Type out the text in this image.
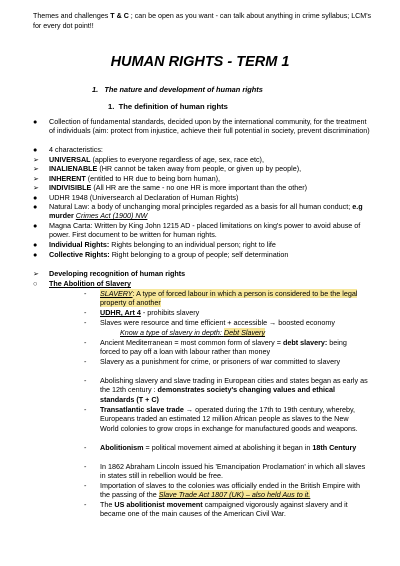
Themes and challenges T & C ; can be open as you want - can talk about anything in crime syllabus; LCM's for every dot point!!
HUMAN RIGHTS - TERM 1
1. The nature and development of human rights
1. The definition of human rights
● Collection of fundamental standards, decided upon by the international community, for the treatment of individuals (aim: protect from injustice, achieve their full potential in society, prevent discrimination)
● 4 characteristics:
➢ UNIVERSAL (applies to everyone regardless of age, sex, race etc),
➢ INALIENABLE (HR cannot be taken away from people, or given up by people),
➢ INHERENT (entitled to HR due to being born human),
➢ INDIVISIBLE (All HR are the same - no one HR is more important than the other)
● UDHR 1948 (Universearch al Declaration of Human Rights)
● Natural Law: a body of unchanging moral principles regarded as a basis for all human conduct; e.g murder Crimes Act (1900) NW
● Magna Carta: Written by King John 1215 AD - placed limitations on king's power to avoid abuse of power. First document to be written for human rights.
● Individual Rights: Rights belonging to an individual person; right to life
● Collective Rights: Right belonging to a group of people; self determination
➢ Developing recognition of human rights
○ The Abolition of Slavery
- SLAVERY: A type of forced labour in which a person is considered to be the legal property of another
- UDHR, Art 4 - prohibits slavery
- Slaves were resource and time efficient + accessible → boosted economy
Know a type of slavery in depth: Debt Slavery
- Ancient Mediterranean = most common form of slavery = debt slavery: being forced to pay off a loan with labour rather than money
- Slavery as a punishment for crime, or prisoners of war committed to slavery
- Abolishing slavery and slave trading in European cities and states began as early as the 12th century : demonstrates society's changing values and ethical standards (T + C)
- Transatlantic slave trade → operated during the 17th to 19th century, whereby, Europeans traded an estimated 12 million African people as slaves to the New World colonies to grow crops in exchange for manufactured goods and weapons.
- Abolitionism = political movement aimed at abolishing it began in 18th Century
- In 1862 Abraham Lincoln issued his 'Emancipation Proclamation' in which all slaves in states still in rebellion would be free.
- Importation of slaves to the colonies was officially ended in the British Empire with the passing of the Slave Trade Act 1807 (UK) – also held Aus to it.
- The US abolitionist movement campaigned vigorously against slavery and it became one of the main causes of the American Civil War.
